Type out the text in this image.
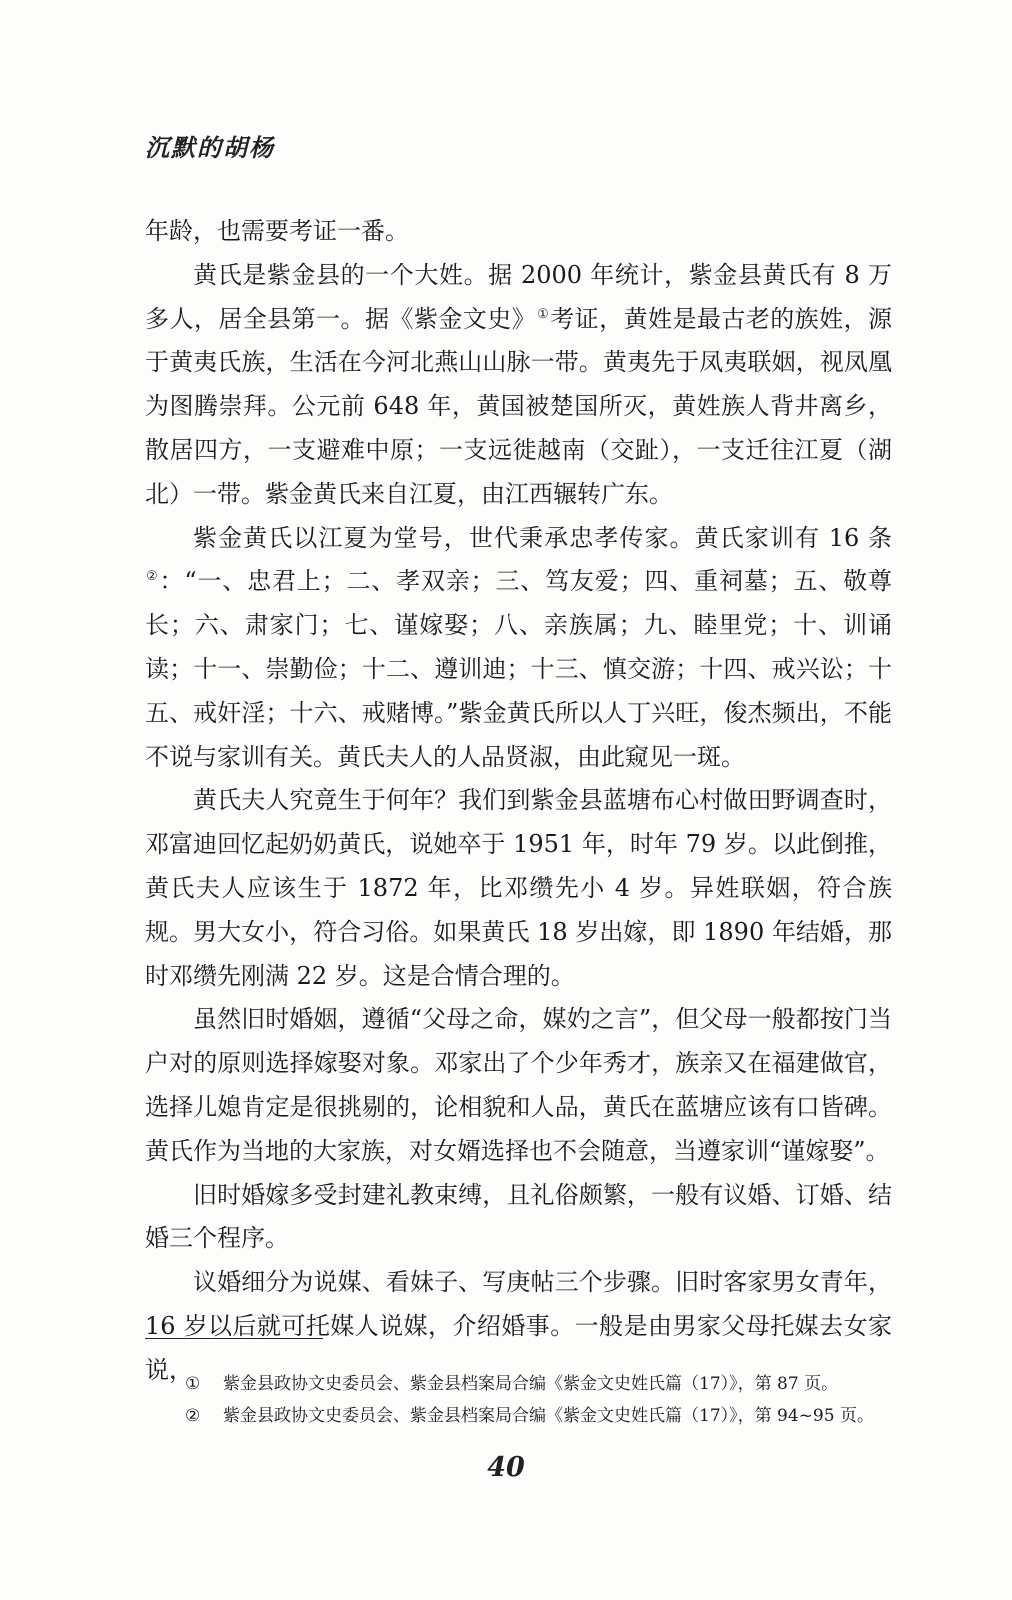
沉默的胡杨

年龄，也需要考证一番。

黄氏是紫金县的一个大姓。据 2000 年统计，紫金县黄氏有 8 万多人，居全县第一。据《紫金文史》①考证，黄姓是最古老的族姓，源于黄夷氏族，生活在今河北燕山山脉一带。黄夷先于凤夷联姻，视凤凰为图腾崇拜。公元前 648 年，黄国被楚国所灭，黄姓族人背井离乡，散居四方，一支避难中原；一支远徙越南（交趾），一支迁往江夏（湖北）一带。紫金黄氏来自江夏，由江西辗转广东。

紫金黄氏以江夏为堂号，世代秉承忠孝传家。黄氏家训有 16 条②：“一、忠君上；二、孝双亲；三、笃友爱；四、重祠墓；五、敬尊长；六、肃家门；七、谨嫁娶；八、亲族属；九、睦里党；十、训诵读；十一、崇勤俭；十二、遵训迪；十三、慎交游；十四、戒兴讼；十五、戒奸淫；十六、戒赌博。”紫金黄氏所以人丁兴旺，俊杰频出，不能不说与家训有关。黄氏夫人的人品贤淑，由此窥见一斑。

黄氏夫人究竟生于何年？我们到紫金县蓝塘布心村做田野调查时，邓富迪回忆起奶奶黄氏，说她卒于 1951 年，时年 79 岁。以此倒推，黄氏夫人应该生于 1872 年，比邓缵先小 4 岁。异姓联姻，符合族规。男大女小，符合习俗。如果黄氏 18 岁出嫁，即 1890 年结婚，那时邓缵先刚满 22 岁。这是合情合理的。

虽然旧时婚姻，遵循“父母之命，媒妁之言”，但父母一般都按门当户对的原则选择嫁娶对象。邓家出了个少年秀才，族亲又在福建做官，选择儿媳肯定是很挑剔的，论相貌和人品，黄氏在蓝塘应该有口皆碑。黄氏作为当地的大家族，对女婿选择也不会随意，当遵家训“谨嫁娶”。

旧时婚嫁多受封建礼教束缚，且礼俗颇繁，一般有议婚、订婚、结婚三个程序。

议婚细分为说媒、看妹子、写庚帖三个步骤。旧时客家男女青年，16 岁以后就可托媒人说媒，介绍婚事。一般是由男家父母托媒去女家说，

① 紫金县政协文史委员会、紫金县档案局合编《紫金文史姓氏篇（17）》，第 87 页。
② 紫金县政协文史委员会、紫金县档案局合编《紫金文史姓氏篇（17）》，第 94~95 页。
40
